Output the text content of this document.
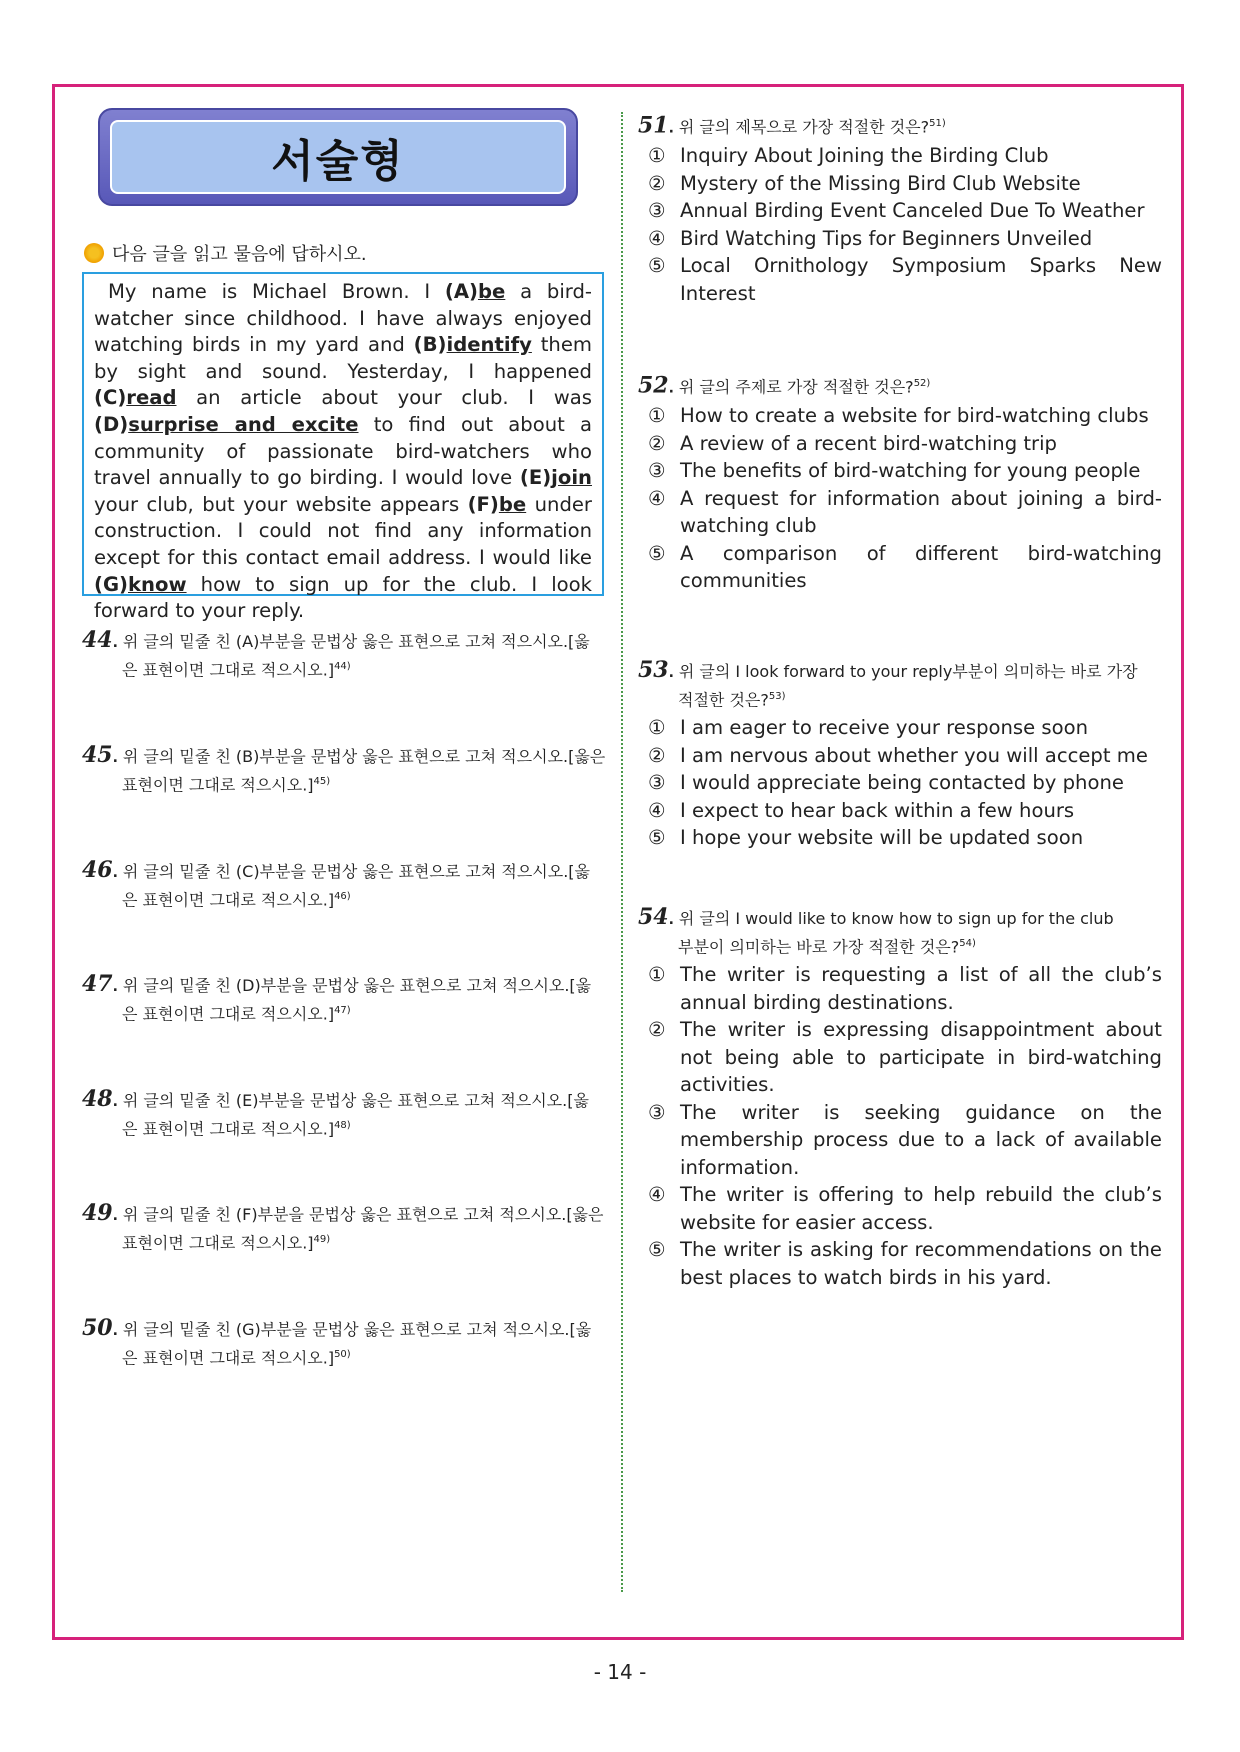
서술형
다음 글을 읽고 물음에 답하시오.
My name is Michael Brown. I (A)be a bird-watcher since childhood. I have always enjoyed watching birds in my yard and (B)identify them by sight and sound. Yesterday, I happened (C)read an article about your club. I was (D)surprise and excite to find out about a community of passionate bird-watchers who travel annually to go birding. I would love (E)join your club, but your website appears (F)be under construction. I could not find any information except for this contact email address. I would like (G)know how to sign up for the club. I look forward to your reply.
- 14 -
44. 위 글의 밑줄 친 (A)부분을 문법상 옳은 표현으로 고쳐 적으시오.[옳
은 표현이면 그대로 적으시오.]$^{44)}$
45. 위 글의 밑줄 친 (B)부분을 문법상 옳은 표현으로 고쳐 적으시오.[옳은
표현이면 그대로 적으시오.]$^{45)}$
46. 위 글의 밑줄 친 (C)부분을 문법상 옳은 표현으로 고쳐 적으시오.[옳
은 표현이면 그대로 적으시오.]$^{46)}$
47. 위 글의 밑줄 친 (D)부분을 문법상 옳은 표현으로 고쳐 적으시오.[옳
은 표현이면 그대로 적으시오.]$^{47)}$
48. 위 글의 밑줄 친 (E)부분을 문법상 옳은 표현으로 고쳐 적으시오.[옳
은 표현이면 그대로 적으시오.]$^{48)}$
49. 위 글의 밑줄 친 (F)부분을 문법상 옳은 표현으로 고쳐 적으시오.[옳은
표현이면 그대로 적으시오.]$^{49)}$
50. 위 글의 밑줄 친 (G)부분을 문법상 옳은 표현으로 고쳐 적으시오.[옳
은 표현이면 그대로 적으시오.]$^{50)}$
51. 위 글의 제목으로 가장 적절한 것은?$^{51)}$
① Inquiry About Joining the Birding Club
② Mystery of the Missing Bird Club Website
③ Annual Birding Event Canceled Due To Weather
④ Bird Watching Tips for Beginners Unveiled
⑤ Local Ornithology Symposium Sparks New Interest
52. 위 글의 주제로 가장 적절한 것은?$^{52)}$
① How to create a website for bird-watching clubs
② A review of a recent bird-watching trip
③ The benefits of bird-watching for young people
④ A request for information about joining a bird-watching club
⑤ A comparison of different bird-watching communities
53. 위 글의 I look forward to your reply부분이 의미하는 바로 가장
적절한 것은?$^{53)}$
① I am eager to receive your response soon
② I am nervous about whether you will accept me
③ I would appreciate being contacted by phone
④ I expect to hear back within a few hours
⑤ I hope your website will be updated soon
54. 위 글의 I would like to know how to sign up for the club
부분이 의미하는 바로 가장 적절한 것은?$^{54)}$
① The writer is requesting a list of all the club’s annual birding destinations.
② The writer is expressing disappointment about not being able to participate in bird-watching activities.
③ The writer is seeking guidance on the membership process due to a lack of available information.
④ The writer is offering to help rebuild the club’s website for easier access.
⑤ The writer is asking for recommendations on the best places to watch birds in his yard.
